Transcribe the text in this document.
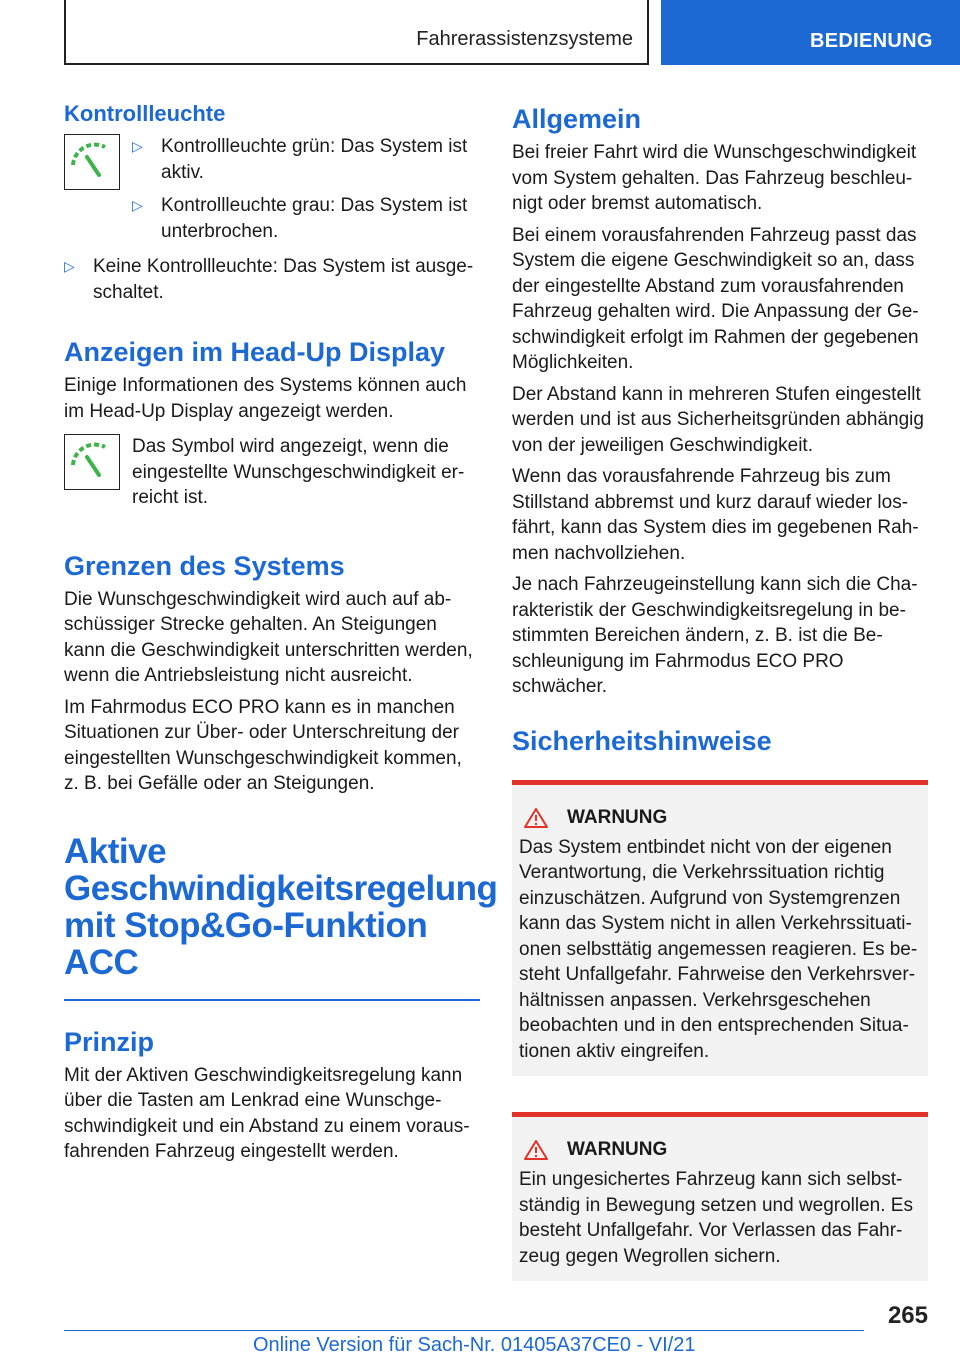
Fahrerassistenzsysteme	BEDIENUNG
Kontrollleuchte
▷ Kontrollleuchte grün: Das System ist aktiv.
▷ Kontrollleuchte grau: Das System ist unterbrochen.
▷ Keine Kontrollleuchte: Das System ist ausge‐schaltet.
Anzeigen im Head-Up Display

Einige Informationen des Systems können auch im Head-Up Display angezeigt werden.

Das Symbol wird angezeigt, wenn die eingestellte Wunschgeschwindigkeit er‐reicht ist.

Grenzen des Systems

Die Wunschgeschwindigkeit wird auch auf ab‐schüssiger Strecke gehalten. An Steigungen kann die Geschwindigkeit unterschritten werden, wenn die Antriebsleistung nicht ausreicht.

Im Fahrmodus ECO PRO kann es in manchen Situationen zur Über- oder Unterschreitung der eingestellten Wunschgeschwindigkeit kommen, z. B. bei Gefälle oder an Steigungen.

Aktive
Geschwindigkeitsregelung
mit Stop&Go-Funktion
ACC
Prinzip

Mit der Aktiven Geschwindigkeitsregelung kann über die Tasten am Lenkrad eine Wunschge‐schwindigkeit und ein Abstand zu einem voraus‐fahrenden Fahrzeug eingestellt werden.

Allgemein

Bei freier Fahrt wird die Wunschgeschwindigkeit vom System gehalten. Das Fahrzeug beschleu‐nigt oder bremst automatisch.

Bei einem vorausfahrenden Fahrzeug passt das System die eigene Geschwindigkeit so an, dass der eingestellte Abstand zum vorausfahrenden Fahrzeug gehalten wird. Die Anpassung der Ge‐schwindigkeit erfolgt im Rahmen der gegebenen Möglichkeiten.

Der Abstand kann in mehreren Stufen eingestellt werden und ist aus Sicherheitsgründen abhängig von der jeweiligen Geschwindigkeit.

Wenn das vorausfahrende Fahrzeug bis zum Stillstand abbremst und kurz darauf wieder los‐fährt, kann das System dies im gegebenen Rah‐men nachvollziehen.

Je nach Fahrzeugeinstellung kann sich die Cha‐rakteristik der Geschwindigkeitsregelung in be‐stimmten Bereichen ändern, z. B. ist die Be‐schleunigung im Fahrmodus ECO PRO schwächer.

Sicherheitshinweise
WARNUNG

Das System entbindet nicht von der eigenen Verantwortung, die Verkehrssituation richtig einzuschätzen. Aufgrund von Systemgrenzen kann das System nicht in allen Verkehrssituati‐onen selbsttätig angemessen reagieren. Es be‐steht Unfallgefahr. Fahrweise den Verkehrsver‐hältnissen anpassen. Verkehrsgeschehen beobachten und in den entsprechenden Situa‐tionen aktiv eingreifen.

WARNUNG

Ein ungesichertes Fahrzeug kann sich selbst‐ständig in Bewegung setzen und wegrollen. Es besteht Unfallgefahr. Vor Verlassen das Fahr‐zeug gegen Wegrollen sichern.

265
Online Version für Sach-Nr. 01405A37CE0 - VI/21
